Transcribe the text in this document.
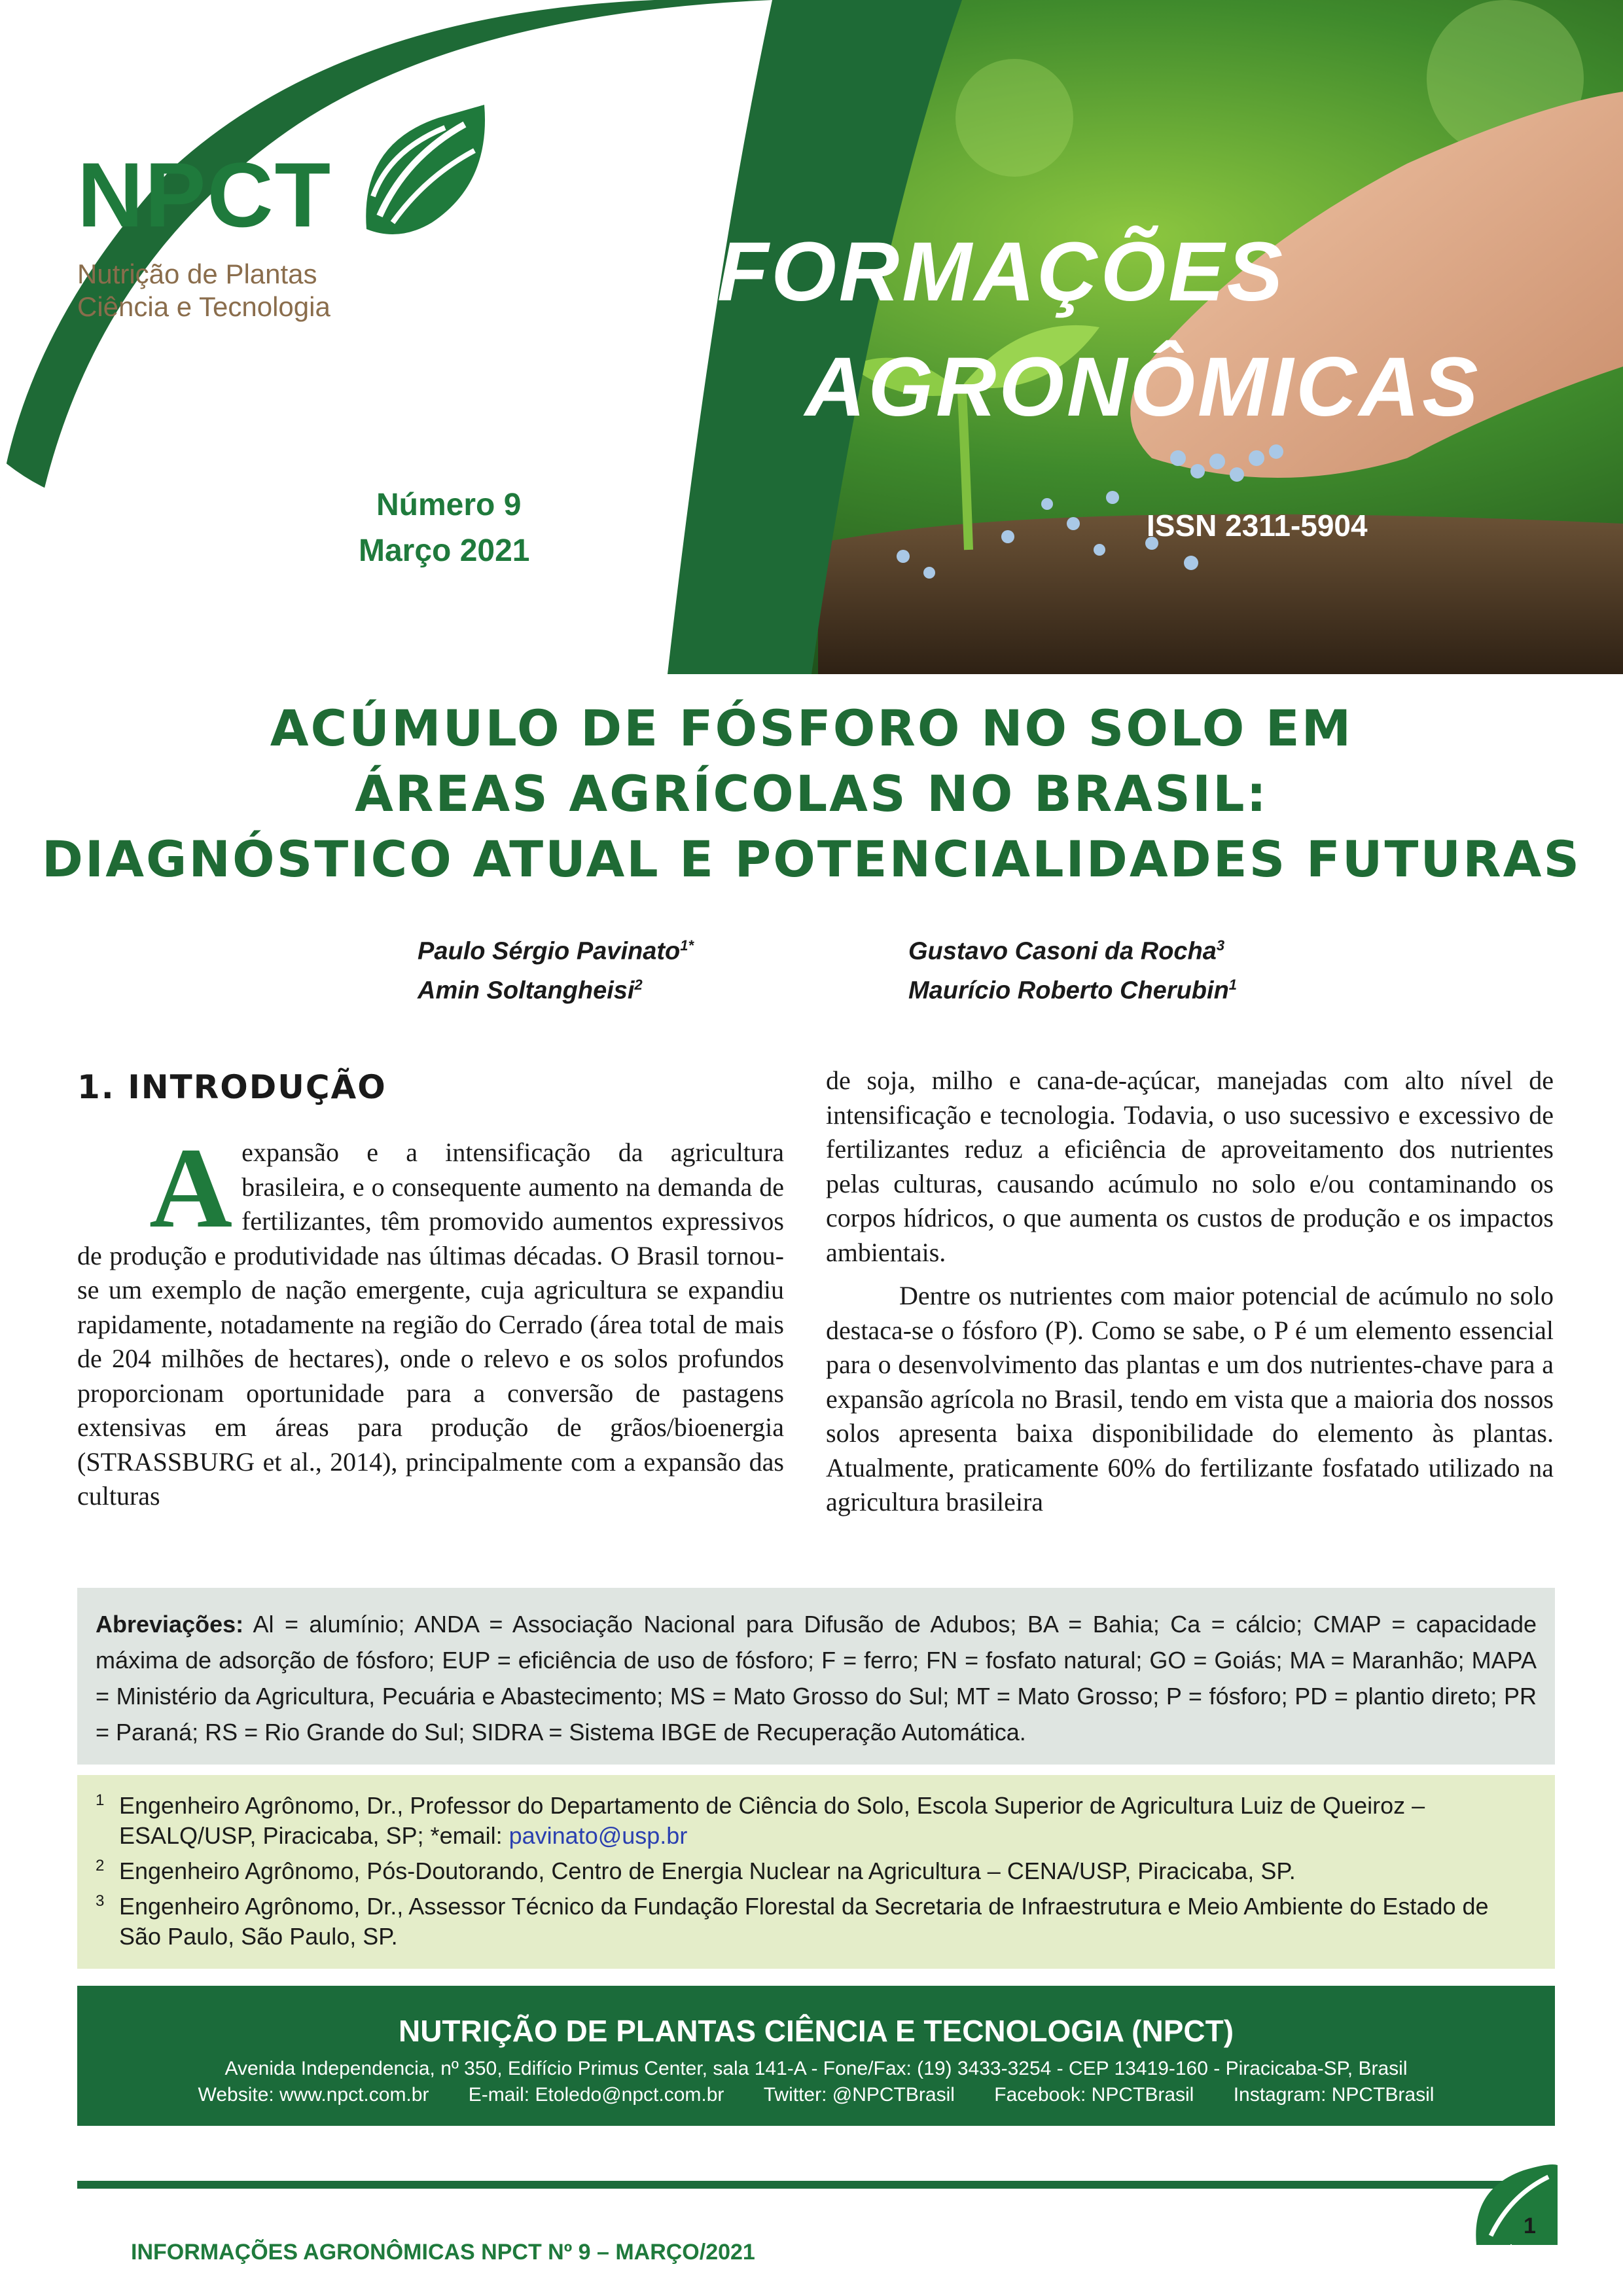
NPCT
Nutrição de Plantas
Ciência e Tecnologia	INFORMAÇÕES
AGRONÔMICAS
Número 9
Março 2021
ISSN 2311-5904
ACÚMULO DE FÓSFORO NO SOLO EM
ÁREAS AGRÍCOLAS NO BRASIL:
DIAGNÓSTICO ATUAL E POTENCIALIDADES FUTURAS
Paulo Sérgio Pavinato$^{1*}$
Amin Soltangheisi$^2$
Gustavo Casoni da Rocha$^3$
Maurício Roberto Cherubin$^1$
1. INTRODUÇÃO

Aexpansão e a intensificação da agricultura brasileira, e o consequente aumento na demanda de fertilizantes, têm promovido aumentos expressivos de produção e produtividade nas últimas décadas. O Brasil tornou-se um exemplo de nação emergente, cuja agricultura se expandiu rapidamente, notadamente na região do Cerrado (área total de mais de 204 milhões de hectares), onde o relevo e os solos profundos proporcionam oportunidade para a conversão de pastagens extensivas em áreas para produção de grãos/bioenergia (STRASSBURG et al., 2014), principalmente com a expansão das culturas

de soja, milho e cana-de-açúcar, manejadas com alto nível de intensificação e tecnologia. Todavia, o uso sucessivo e excessivo de fertilizantes reduz a eficiência de aproveitamento dos nutrientes pelas culturas, causando acúmulo no solo e/ou contaminando os corpos hídricos, o que aumenta os custos de produção e os impactos ambientais.

Dentre os nutrientes com maior potencial de acúmulo no solo destaca-se o fósforo (P). Como se sabe, o P é um elemento essencial para o desenvolvimento das plantas e um dos nutrientes-chave para a expansão agrícola no Brasil, tendo em vista que a maioria dos nossos solos apresenta baixa disponibilidade do elemento às plantas. Atualmente, praticamente 60% do fertilizante fosfatado utilizado na agricultura brasileira

Abreviações: Al = alumínio; ANDA = Associação Nacional para Difusão de Adubos; BA = Bahia; Ca = cálcio; CMAP = capacidade máxima de adsorção de fósforo; EUP = eficiência de uso de fósforo; F = ferro; FN = fosfato natural; GO = Goiás; MA = Maranhão; MAPA = Ministério da Agricultura, Pecuária e Abastecimento; MS = Mato Grosso do Sul; MT = Mato Grosso; P = fósforo; PD = plantio direto; PR = Paraná; RS = Rio Grande do Sul; SIDRA = Sistema IBGE de Recuperação Automática.
1 Engenheiro Agrônomo, Dr., Professor do Departamento de Ciência do Solo, Escola Superior de Agricultura Luiz de Queiroz – ESALQ/USP, Piracicaba, SP; *email: pavinato@usp.br
2 Engenheiro Agrônomo, Pós-Doutorando, Centro de Energia Nuclear na Agricultura – CENA/USP, Piracicaba, SP.
3 Engenheiro Agrônomo, Dr., Assessor Técnico da Fundação Florestal da Secretaria de Infraestrutura e Meio Ambiente do Estado de São Paulo, São Paulo, SP.
NUTRIÇÃO DE PLANTAS CIÊNCIA E TECNOLOGIA (NPCT)
Avenida Independencia, nº 350, Edifício Primus Center, sala 141-A - Fone/Fax: (19) 3433-3254 - CEP 13419-160 - Piracicaba-SP, Brasil
Website: www.npct.com.br E-mail: Etoledo@npct.com.br Twitter: @NPCTBrasil Facebook: NPCTBrasil Instagram: NPCTBrasil
1
INFORMAÇÕES AGRONÔMICAS NPCT Nº 9 – MARÇO/2021
